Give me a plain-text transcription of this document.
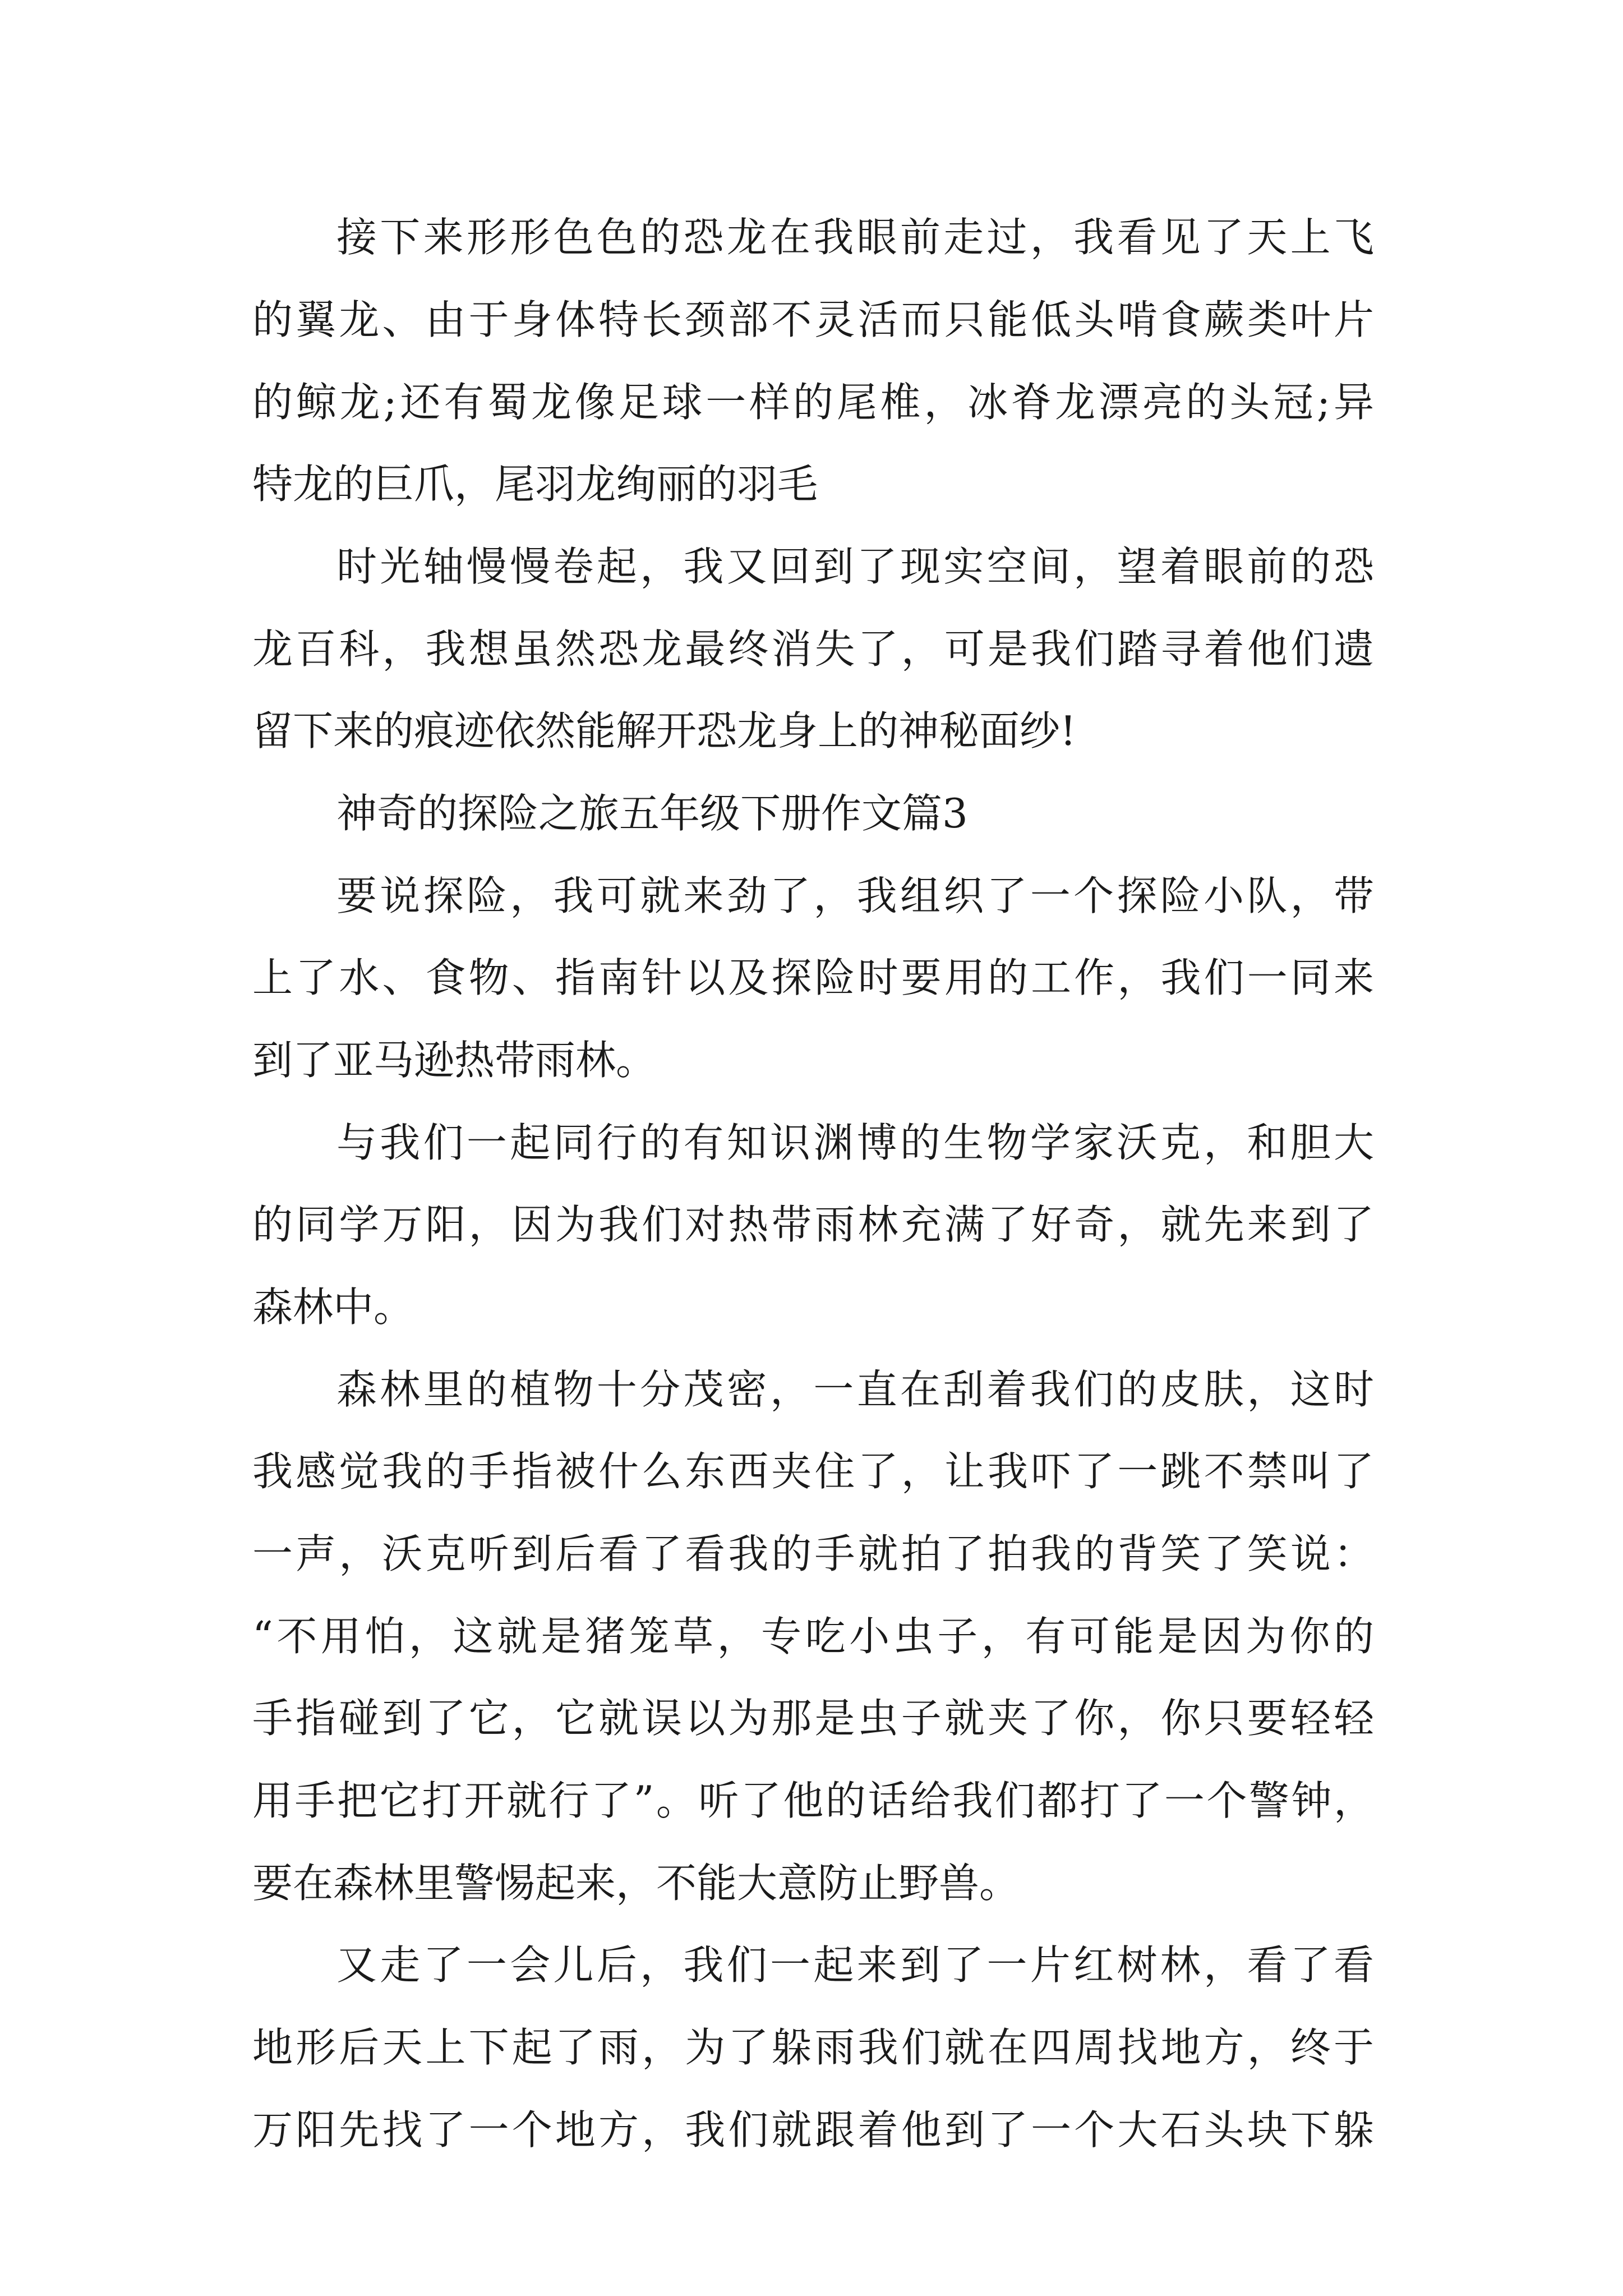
接下来形形色色的恐龙在我眼前走过，我看见了天上飞

的翼龙、由于身体特长颈部不灵活而只能低头啃食蕨类叶片

的鲸龙;还有蜀龙像足球一样的尾椎，冰脊龙漂亮的头冠;异

特龙的巨爪，尾羽龙绚丽的羽毛

时光轴慢慢卷起，我又回到了现实空间，望着眼前的恐

龙百科，我想虽然恐龙最终消失了，可是我们踏寻着他们遗

留下来的痕迹依然能解开恐龙身上的神秘面纱!

神奇的探险之旅五年级下册作文篇3

要说探险，我可就来劲了，我组织了一个探险小队，带

上了水、食物、指南针以及探险时要用的工作，我们一同来

到了亚马逊热带雨林。

与我们一起同行的有知识渊博的生物学家沃克，和胆大

的同学万阳，因为我们对热带雨林充满了好奇，就先来到了

森林中。

森林里的植物十分茂密，一直在刮着我们的皮肤，这时

我感觉我的手指被什么东西夹住了，让我吓了一跳不禁叫了

一声，沃克听到后看了看我的手就拍了拍我的背笑了笑说：

“不用怕，这就是猪笼草，专吃小虫子，有可能是因为你的

手指碰到了它，它就误以为那是虫子就夹了你，你只要轻轻

用手把它打开就行了”。听了他的话给我们都打了一个警钟，

要在森林里警惕起来，不能大意防止野兽。

又走了一会儿后，我们一起来到了一片红树林，看了看

地形后天上下起了雨，为了躲雨我们就在四周找地方，终于

万阳先找了一个地方，我们就跟着他到了一个大石头块下躲
